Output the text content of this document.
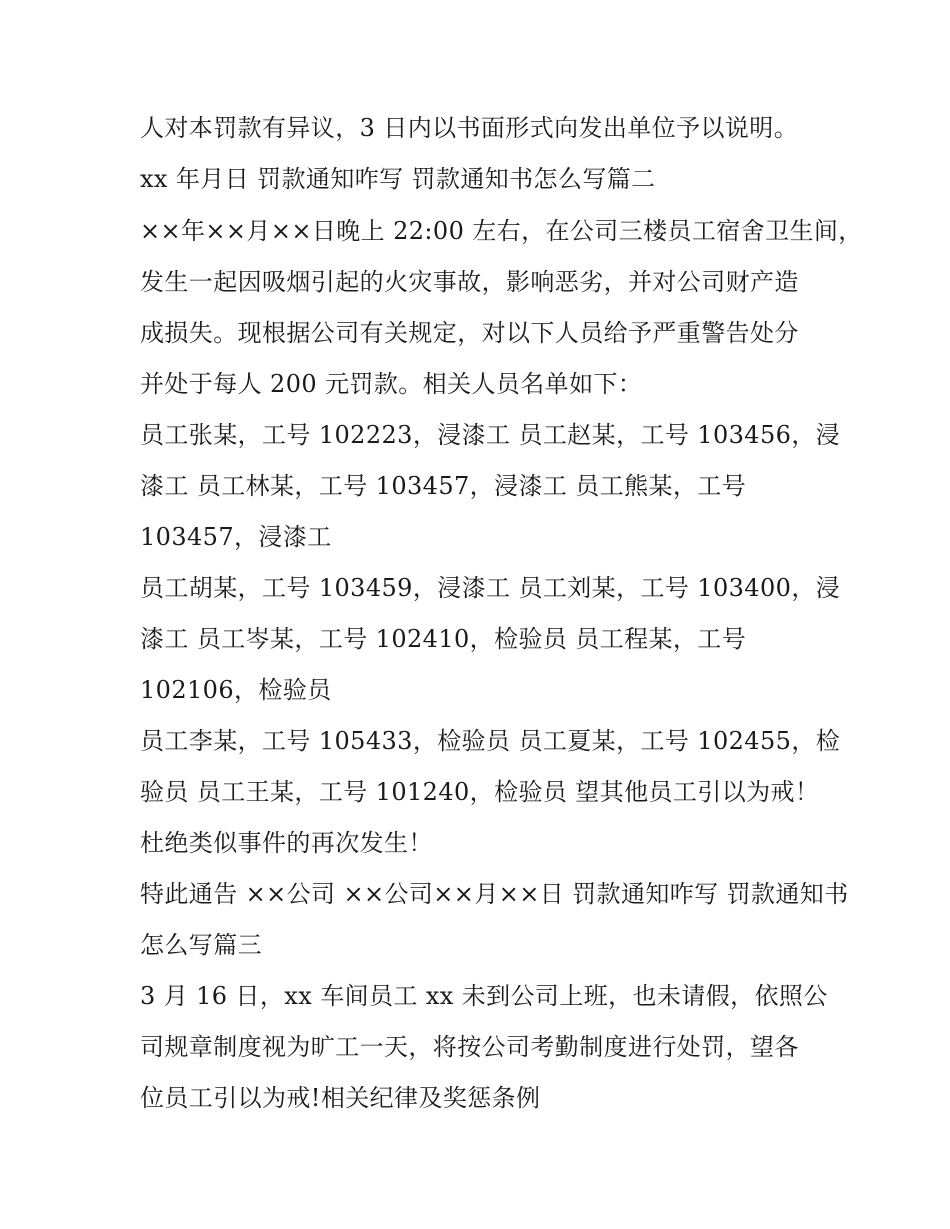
人对本罚款有异议，3 日内以书面形式向发出单位予以说明。
xx 年月日 罚款通知咋写 罚款通知书怎么写篇二
××年××月××日晚上 22:00 左右，在公司三楼员工宿舍卫生间，
发生一起因吸烟引起的火灾事故，影响恶劣，并对公司财产造
成损失。现根据公司有关规定，对以下人员给予严重警告处分
并处于每人 200 元罚款。相关人员名单如下：
员工张某，工号 102223，浸漆工 员工赵某，工号 103456，浸
漆工 员工林某，工号 103457，浸漆工 员工熊某，工号
103457，浸漆工
员工胡某，工号 103459，浸漆工 员工刘某，工号 103400，浸
漆工 员工岑某，工号 102410，检验员 员工程某，工号
102106，检验员
员工李某，工号 105433，检验员 员工夏某，工号 102455，检
验员 员工王某，工号 101240，检验员 望其他员工引以为戒！
杜绝类似事件的再次发生！
特此通告 ××公司 ××公司××月××日 罚款通知咋写 罚款通知书
怎么写篇三
3 月 16 日，xx 车间员工 xx 未到公司上班，也未请假，依照公
司规章制度视为旷工一天，将按公司考勤制度进行处罚，望各
位员工引以为戒!相关纪律及奖惩条例
